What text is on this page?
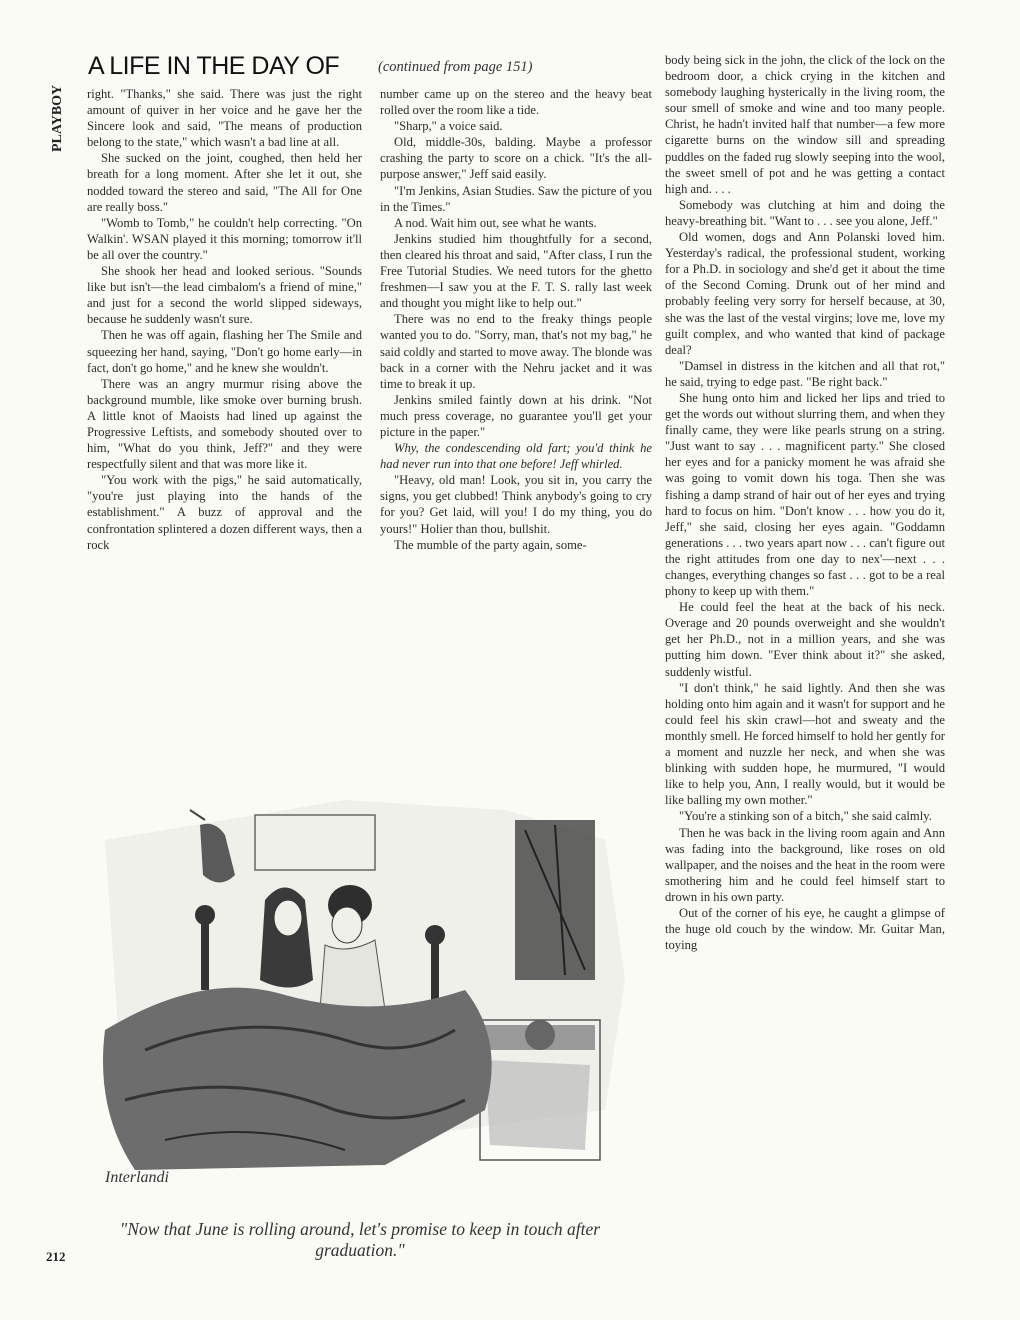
PLAYBOY
A LIFE IN THE DAY OF	(continued from page 151)

right. "Thanks," she said. There was just the right amount of quiver in her voice and he gave her the Sincere look and said, "The means of production belong to the state," which wasn't a bad line at all.

She sucked on the joint, coughed, then held her breath for a long moment. After she let it out, she nodded toward the stereo and said, "The All for One are really boss."

"Womb to Tomb," he couldn't help correcting. "On Walkin'. WSAN played it this morning; tomorrow it'll be all over the country."

She shook her head and looked serious. "Sounds like but isn't—the lead cimbalom's a friend of mine," and just for a second the world slipped sideways, because he suddenly wasn't sure.

Then he was off again, flashing her The Smile and squeezing her hand, saying, "Don't go home early—in fact, don't go home," and he knew she wouldn't.

There was an angry murmur rising above the background mumble, like smoke over burning brush. A little knot of Maoists had lined up against the Progressive Leftists, and somebody shouted over to him, "What do you think, Jeff?" and they were respectfully silent and that was more like it.

"You work with the pigs," he said automatically, "you're just playing into the hands of the establishment." A buzz of approval and the confrontation splintered a dozen different ways, then a rock

number came up on the stereo and the heavy beat rolled over the room like a tide.

"Sharp," a voice said.

Old, middle-30s, balding. Maybe a professor crashing the party to score on a chick. "It's the all-purpose answer," Jeff said easily.

"I'm Jenkins, Asian Studies. Saw the picture of you in the Times."

A nod. Wait him out, see what he wants.

Jenkins studied him thoughtfully for a second, then cleared his throat and said, "After class, I run the Free Tutorial Studies. We need tutors for the ghetto freshmen—I saw you at the F. T. S. rally last week and thought you might like to help out."

There was no end to the freaky things people wanted you to do. "Sorry, man, that's not my bag," he said coldly and started to move away. The blonde was back in a corner with the Nehru jacket and it was time to break it up.

Jenkins smiled faintly down at his drink. "Not much press coverage, no guarantee you'll get your picture in the paper."

Why, the condescending old fart; you'd think he had never run into that one before! Jeff whirled.

"Heavy, old man! Look, you sit in, you carry the signs, you get clubbed! Think anybody's going to cry for you? Get laid, will you! I do my thing, you do yours!" Holier than thou, bullshit.

The mumble of the party again, some-

body being sick in the john, the click of the lock on the bedroom door, a chick crying in the kitchen and somebody laughing hysterically in the living room, the sour smell of smoke and wine and too many people. Christ, he hadn't invited half that number—a few more cigarette burns on the window sill and spreading puddles on the faded rug slowly seeping into the wool, the sweet smell of pot and he was getting a contact high and. . . .

Somebody was clutching at him and doing the heavy-breathing bit. "Want to . . . see you alone, Jeff."

Old women, dogs and Ann Polanski loved him. Yesterday's radical, the professional student, working for a Ph.D. in sociology and she'd get it about the time of the Second Coming. Drunk out of her mind and probably feeling very sorry for herself because, at 30, she was the last of the vestal virgins; love me, love my guilt complex, and who wanted that kind of package deal?

"Damsel in distress in the kitchen and all that rot," he said, trying to edge past. "Be right back."

She hung onto him and licked her lips and tried to get the words out without slurring them, and when they finally came, they were like pearls strung on a string. "Just want to say . . . magnificent party." She closed her eyes and for a panicky moment he was afraid she was going to vomit down his toga. Then she was fishing a damp strand of hair out of her eyes and trying hard to focus on him. "Don't know . . . how you do it, Jeff," she said, closing her eyes again. "Goddamn generations . . . two years apart now . . . can't figure out the right attitudes from one day to nex'—next . . . changes, everything changes so fast . . . got to be a real phony to keep up with them."

He could feel the heat at the back of his neck. Overage and 20 pounds overweight and she wouldn't get her Ph.D., not in a million years, and she was putting him down. "Ever think about it?" she asked, suddenly wistful.

"I don't think," he said lightly. And then she was holding onto him again and it wasn't for support and he could feel his skin crawl—hot and sweaty and the monthly smell. He forced himself to hold her gently for a moment and nuzzle her neck, and when she was blinking with sudden hope, he murmured, "I would like to help you, Ann, I really would, but it would be like balling my own mother."

"You're a stinking son of a bitch," she said calmly.

Then he was back in the living room again and Ann was fading into the background, like roses on old wallpaper, and the noises and the heat in the room were smothering him and he could feel himself start to drown in his own party.

Out of the corner of his eye, he caught a glimpse of the huge old couch by the window. Mr. Guitar Man, toying

Interlandi
"Now that June is rolling around, let's promise to keep in touch after graduation."
212
